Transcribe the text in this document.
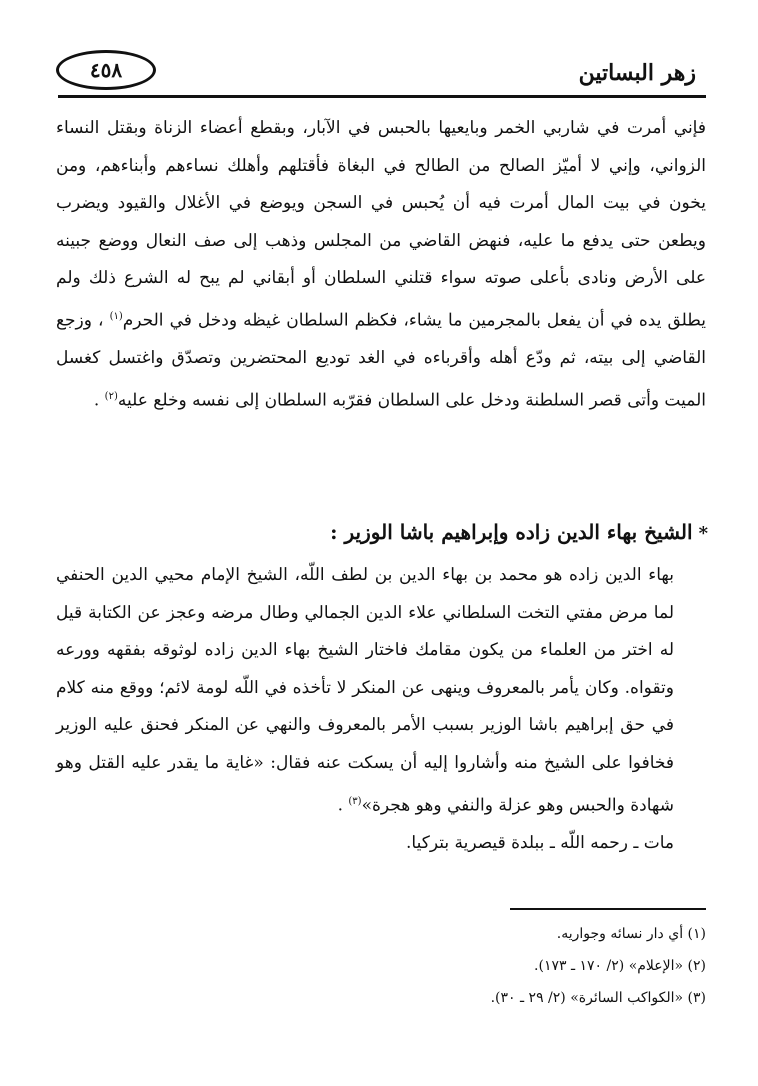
٤٥٨	زهر البساتين

فإني أمرت في شاربي الخمر وبايعيها بالحبس في الآبار، وبقطع أعضاء الزناة وبقتل النساء الزواني، وإني لا أميّز الصالح من الطالح في البغاة فأقتلهم وأهلك نساءهم وأبناءهم، ومن يخون في بيت المال أمرت فيه أن يُحبس في السجن ويوضع في الأغلال والقيود ويضرب ويطعن حتى يدفع ما عليه، فنهض القاضي من المجلس وذهب إلى صف النعال ووضع جبينه على الأرض ونادى بأعلى صوته سواء قتلني السلطان أو أبقاني لم يبح له الشرع ذلك ولم يطلق يده في أن يفعل بالمجرمين ما يشاء، فكظم السلطان غيظه ودخل في الحرم$^{(١)}$ ، وزجع القاضي إلى بيته، ثم ودّع أهله وأقرباءه في الغد توديع المحتضرين وتصدّق واغتسل كغسل الميت وأتى قصر السلطنة ودخل على السلطان فقرّبه السلطان إلى نفسه وخلع عليه$^{(٢)}$ .

*الشيخ بهاء الدين زاده وإبراهيم باشا الوزير :

بهاء الدين زاده هو محمد بن بهاء الدين بن لطف اللّه، الشيخ الإمام محيي الدين الحنفي لما مرض مفتي التخت السلطاني علاء الدين الجمالي وطال مرضه وعجز عن الكتابة قيل له اختر من العلماء من يكون مقامك فاختار الشيخ بهاء الدين زاده لوثوقه بفقهه وورعه وتقواه. وكان يأمر بالمعروف وينهى عن المنكر لا تأخذه في اللّه لومة لائم؛ ووقع منه كلام في حق إبراهيم باشا الوزير بسبب الأمر بالمعروف والنهي عن المنكر فحنق عليه الوزير فخافوا على الشيخ منه وأشاروا إليه أن يسكت عنه فقال: «غاية ما يقدر عليه القتل وهو شهادة والحبس وهو عزلة والنفي وهو هجرة»$^{(٣)}$ .

مات ـ رحمه اللّه ـ ببلدة قيصرية بتركيا.

(١) أي دار نسائه وجواريه.
(٢) «الإعلام» (٢/ ١٧٠ ـ ١٧٣).
(٣) «الكواكب السائرة» (٢/ ٢٩ ـ ٣٠).
